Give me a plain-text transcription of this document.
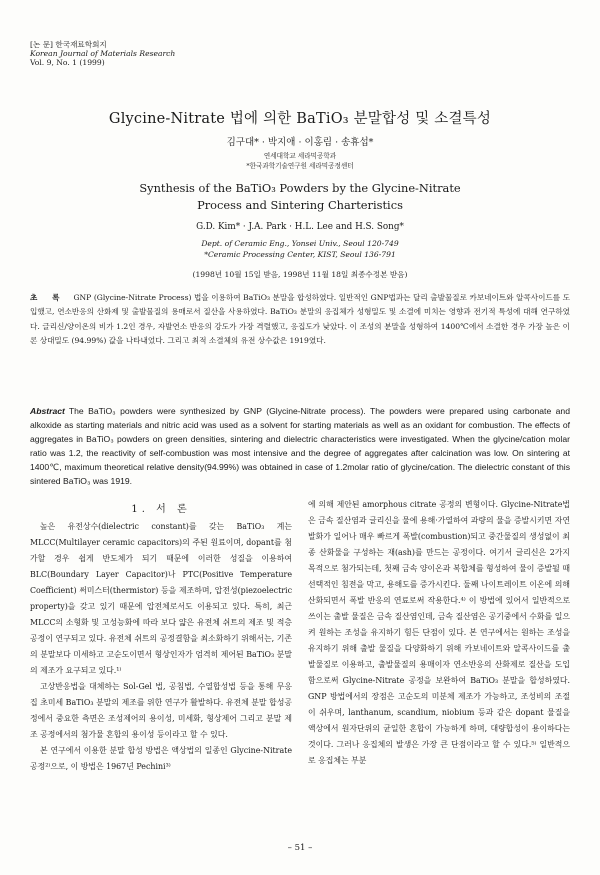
[논 문] 한국재료학회지
Korean Journal of Materials Research
Vol. 9, No. 1 (1999)
Glycine-Nitrate 법에 의한 BaTiO₃ 분말합성 및 소결특성
김구대* · 박지애 · 이홍림 · 송휴섭*
연세대학교 세라믹공학과
*한국과학기술연구원 세라믹공정센터
Synthesis of the BaTiO₃ Powders by the Glycine-Nitrate
Process and Sintering Charteristics
G.D. Kim* · J.A. Park · H.L. Lee and H.S. Song*
Dept. of Ceramic Eng., Yonsei Univ., Seoul 120-749
*Ceramic Processing Center, KIST, Seoul 136-791
(1998년 10월 15일 받음, 1998년 11월 18일 최종수정본 받음)
초 록 GNP (Glycine-Nitrate Process) 법을 이용하여 BaTiO₃ 분말을 합성하였다. 일반적인 GNP법과는 달리 출발물질로 카보네이트와 알콕사이드를 도입했고, 연소반응의 산화제 및 출발물질의 용매로서 질산을 사용하였다. BaTiO₃ 분말의 응집체가 성형밀도 및 소결에 미치는 영향과 전기적 특성에 대해 연구하였다. 글리신/양이온의 비가 1.2인 경우, 자발연소 반응의 강도가 가장 격렬했고, 응집도가 낮았다. 이 조성의 분말을 성형하여 1400℃에서 소결한 경우 가장 높은 이론 상대밀도 (94.99%) 값을 나타내었다. 그리고 최적 소결체의 유전 상수값은 1919였다.
Abstract The BaTiO₃ powders were synthesized by GNP (Glycine-Nitrate process). The powders were prepared using carbonate and alkoxide as starting materials and nitric acid was used as a solvent for starting materials as well as an oxidant for combustion. The effects of aggregates in BaTiO₃ powders on green densities, sintering and dielectric characteristics were investigated. When the glycine/cation molar ratio was 1.2, the reactivity of self-combustion was most intensive and the degree of aggregates after calcination was low. On sintering at 1400℃, maximum theoretical relative density(94.99%) was obtained in case of 1.2molar ratio of glycine/cation. The dielectric constant of this sintered BaTiO₃ was 1919.
1. 서 론

높은 유전상수(dielectric constant)를 갖는 BaTiO₃ 계는 MLCC(Multilayer ceramic capacitors)의 주된 원료이며, dopant를 첨가할 경우 쉽게 반도체가 되기 때문에 이러한 성질을 이용하여 BLC(Boundary Layer Capacitor)나 PTC(Positive Temperature Coefficient) 써미스터(thermistor) 등을 제조하며, 압전성(piezoelectric property)을 갖고 있기 때문에 압전체로서도 이용되고 있다. 특히, 최근 MLCC의 소형화 및 고성능화에 따라 보다 얇은 유전체 쉬트의 제조 및 적층 공정이 연구되고 있다. 유전체 쉬트의 공정결함을 최소화하기 위해서는, 기존의 분말보다 미세하고 고순도이면서 형상인자가 엄격히 제어된 BaTiO₃ 분말의 제조가 요구되고 있다.¹⁾

고상반응법을 대체하는 Sol-Gel 법, 공침법, 수열합성법 등을 통해 무응집 초미세 BaTiO₃ 분말의 제조를 위한 연구가 활발하다. 유전체 분말 합성공정에서 중요한 측면은 조성제어의 용이성, 미세화, 형상제어 그리고 분말 제조 공정에서의 첨가물 혼합의 용이성 등이라고 할 수 있다.

본 연구에서 이용한 분말 합성 방법은 액상법의 일종인 Glycine-Nitrate 공정²⁾으로, 이 방법은 1967년 Pechini³⁾

에 의해 제안된 amorphous citrate 공정의 변형이다. Glycine-Nitrate법은 금속 질산염과 글리신을 물에 용해·가열하여 과량의 물을 증발시키면 자연발화가 일어나 매우 빠르게 폭발(combustion)되고 중간물질의 생성없이 최종 산화물을 구성하는 재(ash)를 만드는 공정이다. 여기서 글리신은 2가지 목적으로 첨가되는데, 첫째 금속 양이온과 복합체를 형성하여 물이 증발될 때 선택적인 침전을 막고, 용해도를 증가시킨다. 둘째 나이트레이트 이온에 의해 산화되면서 폭발 반응의 연료로써 작용한다.⁴⁾ 이 방법에 있어서 일반적으로 쓰이는 출발 물질은 금속 질산염인데, 금속 질산염은 공기중에서 수화를 일으켜 원하는 조성을 유지하기 힘든 단점이 있다. 본 연구에서는 원하는 조성을 유지하기 위해 출발 물질을 다양화하기 위해 카보네이트와 알콕사이드를 출발물질로 이용하고, 출발물질의 용매이자 연소반응의 산화제로 질산을 도입함으로써 Glycine-Nitrate 공정을 보완하여 BaTiO₃ 분말을 합성하였다. GNP 방법에서의 장점은 고순도의 미분체 제조가 가능하고, 조성비의 조절이 쉬우며, lanthanum, scandium, niobium 등과 같은 dopant 물질을 액상에서 원자단위의 균일한 혼합이 가능하게 하며, 대량합성이 용이하다는 것이다. 그러나 응집체의 발생은 가장 큰 단점이라고 할 수 있다.⁵⁾ 일반적으로 응집체는 부분

– 51 –
